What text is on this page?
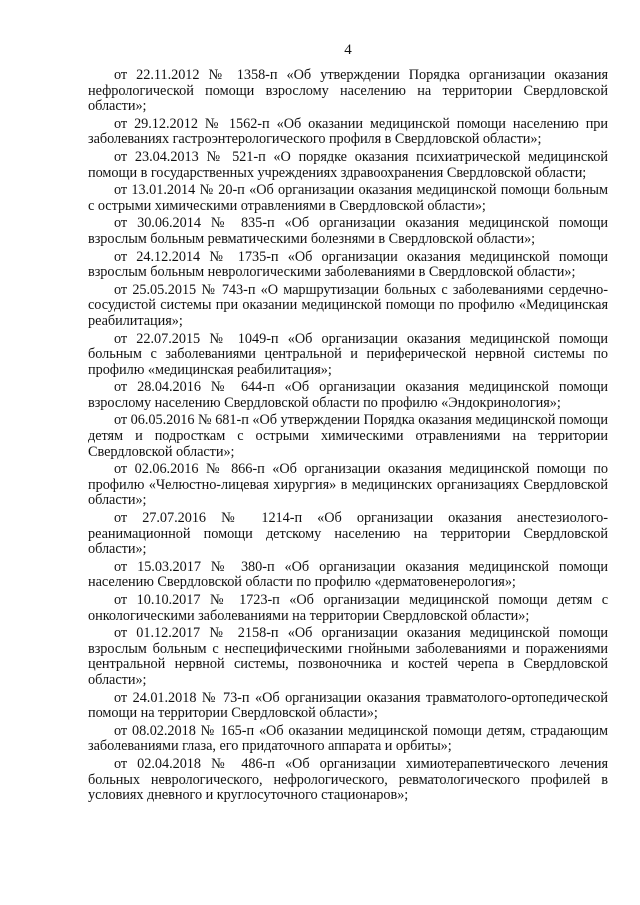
4

от 22.11.2012 № 1358-п «Об утверждении Порядка организации оказания нефрологической помощи взрослому населению на территории Свердловской области»;

от 29.12.2012 № 1562-п «Об оказании медицинской помощи населению при заболеваниях гастроэнтерологического профиля в Свердловской области»;

от 23.04.2013 № 521-п «О порядке оказания психиатрической медицинской помощи в государственных учреждениях здравоохранения Свердловской области;

от 13.01.2014 № 20-п «Об организации оказания медицинской помощи больным с острыми химическими отравлениями в Свердловской области»;

от 30.06.2014 № 835-п «Об организации оказания медицинской помощи взрослым больным ревматическими болезнями в Свердловской области»;

от 24.12.2014 № 1735-п «Об организации оказания медицинской помощи взрослым больным неврологическими заболеваниями в Свердловской области»;

от 25.05.2015 № 743-п «О маршрутизации больных с заболеваниями сердечно-сосудистой системы при оказании медицинской помощи по профилю «Медицинская реабилитация»;

от 22.07.2015 № 1049-п «Об организации оказания медицинской помощи больным с заболеваниями центральной и периферической нервной системы по профилю «медицинская реабилитация»;

от 28.04.2016 № 644-п «Об организации оказания медицинской помощи взрослому населению Свердловской области по профилю «Эндокринология»;

от 06.05.2016 № 681-п «Об утверждении Порядка оказания медицинской помощи детям и подросткам с острыми химическими отравлениями на территории Свердловской области»;

от 02.06.2016 № 866-п «Об организации оказания медицинской помощи по профилю «Челюстно-лицевая хирургия» в медицинских организациях Свердловской области»;

от 27.07.2016 № 1214-п «Об организации оказания анестезиолого-реанимационной помощи детскому населению на территории Свердловской области»;

от 15.03.2017 № 380-п «Об организации оказания медицинской помощи населению Свердловской области по профилю «дерматовенерология»;

от 10.10.2017 № 1723-п «Об организации медицинской помощи детям с онкологическими заболеваниями на территории Свердловской области»;

от 01.12.2017 № 2158-п «Об организации оказания медицинской помощи взрослым больным с неспецифическими гнойными заболеваниями и поражениями центральной нервной системы, позвоночника и костей черепа в Свердловской области»;

от 24.01.2018 № 73-п «Об организации оказания травматолого-ортопедической помощи на территории Свердловской области»;

от 08.02.2018 № 165-п «Об оказании медицинской помощи детям, страдающим заболеваниями глаза, его придаточного аппарата и орбиты»;

от 02.04.2018 № 486-п «Об организации химиотерапевтического лечения больных неврологического, нефрологического, ревматологического профилей в условиях дневного и круглосуточного стационаров»;
